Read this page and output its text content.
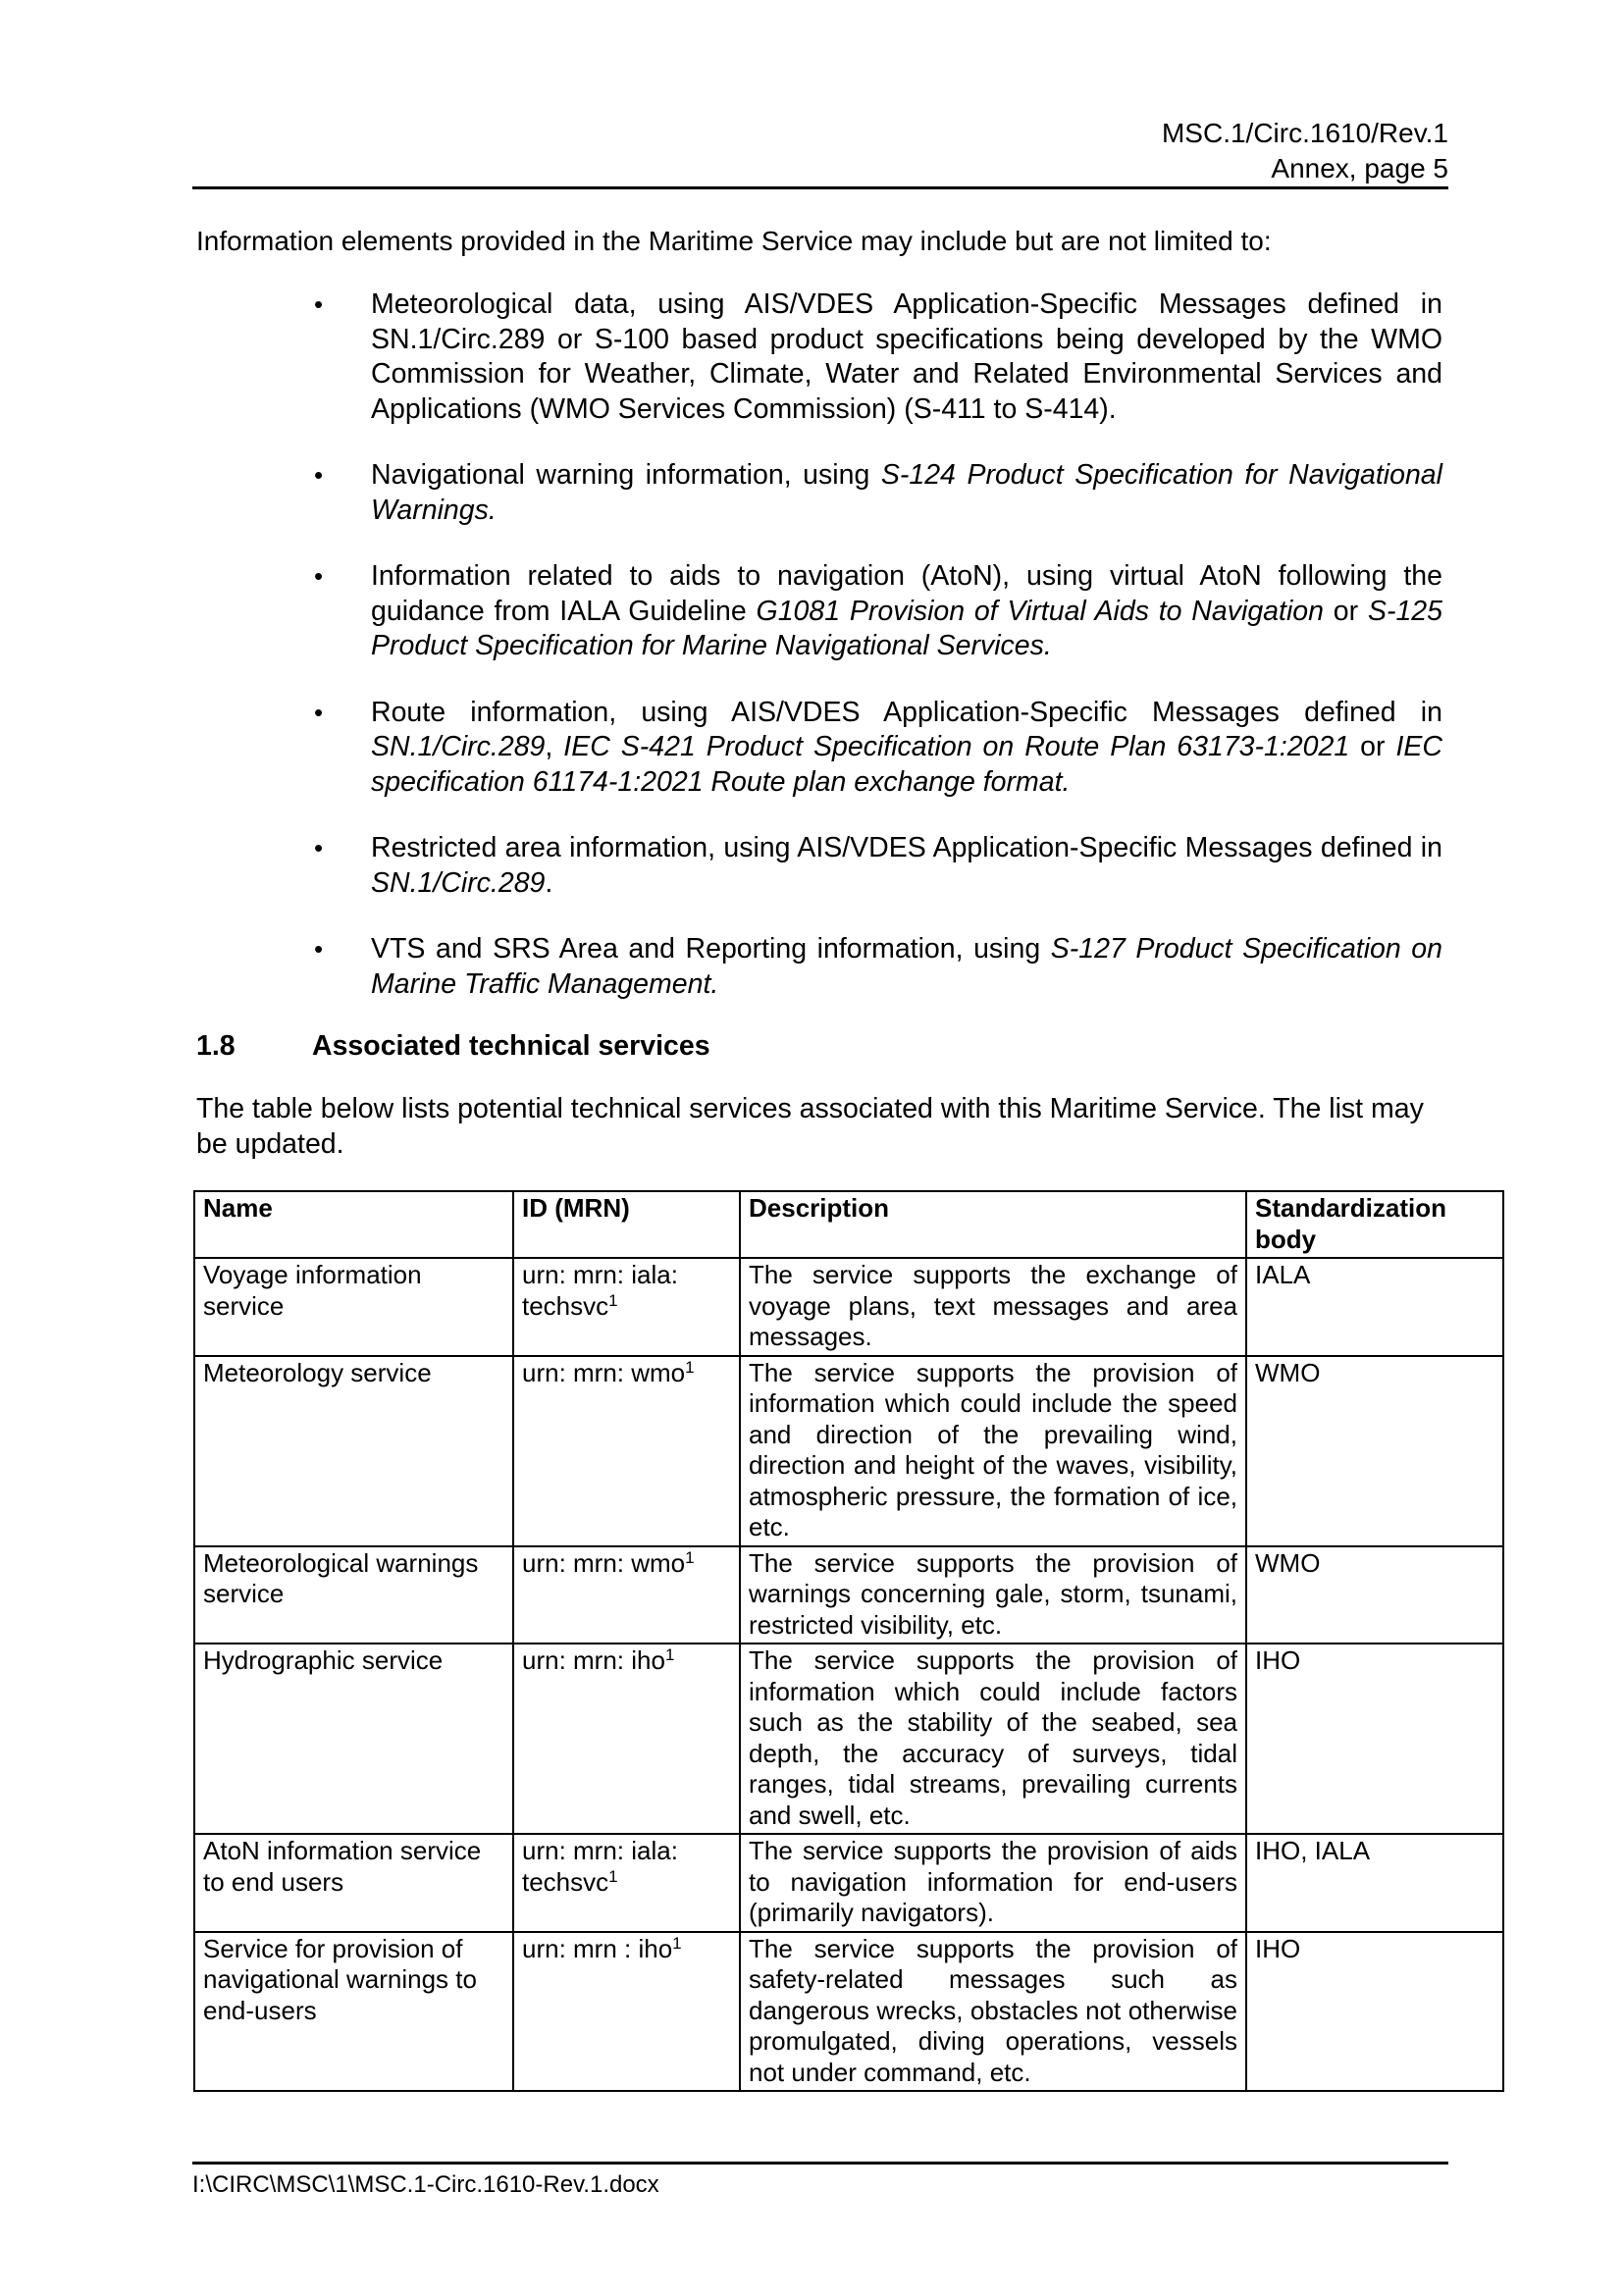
MSC.1/Circ.1610/Rev.1
Annex, page 5
Information elements provided in the Maritime Service may include but are not limited to:
• Meteorological data, using AIS/VDES Application-Specific Messages defined in SN.1/Circ.289 or S-100 based product specifications being developed by the WMO Commission for Weather, Climate, Water and Related Environmental Services and Applications (WMO Services Commission) (S-411 to S-414).
• Navigational warning information, using S-124 Product Specification for Navigational Warnings.
• Information related to aids to navigation (AtoN), using virtual AtoN following the guidance from IALA Guideline G1081 Provision of Virtual Aids to Navigation or S-125 Product Specification for Marine Navigational Services.
• Route information, using AIS/VDES Application-Specific Messages defined in SN.1/Circ.289, IEC S-421 Product Specification on Route Plan 63173-1:2021 or IEC specification 61174-1:2021 Route plan exchange format.
• Restricted area information, using AIS/VDES Application-Specific Messages defined in SN.1/Circ.289.
• VTS and SRS Area and Reporting information, using S-127 Product Specification on Marine Traffic Management.
1.8	Associated technical services
The table below lists potential technical services associated with this Maritime Service. The list may be updated.
Name	ID (MRN)	Description	Standardization body
Voyage information service	urn: mrn: iala: techsvc$^1$	The service supports the exchange of voyage plans, text messages and area messages.	IALA
Meteorology service	urn: mrn: wmo$^1$	The service supports the provision of information which could include the speed and direction of the prevailing wind, direction and height of the waves, visibility, atmospheric pressure, the formation of ice, etc.	WMO
Meteorological warnings service	urn: mrn: wmo$^1$	The service supports the provision of warnings concerning gale, storm, tsunami, restricted visibility, etc.	WMO
Hydrographic service	urn: mrn: iho$^1$	The service supports the provision of information which could include factors such as the stability of the seabed, sea depth, the accuracy of surveys, tidal ranges, tidal streams, prevailing currents and swell, etc.	IHO
AtoN information service to end users	urn: mrn: iala: techsvc$^1$	The service supports the provision of aids to navigation information for end-users (primarily navigators).	IHO, IALA
Service for provision of navigational warnings to end-users	urn: mrn : iho$^1$	The service supports the provision of safety-related messages such as dangerous wrecks, obstacles not otherwise promulgated, diving operations, vessels not under command, etc.	IHO
I:\CIRC\MSC\1\MSC.1-Circ.1610-Rev.1.docx
